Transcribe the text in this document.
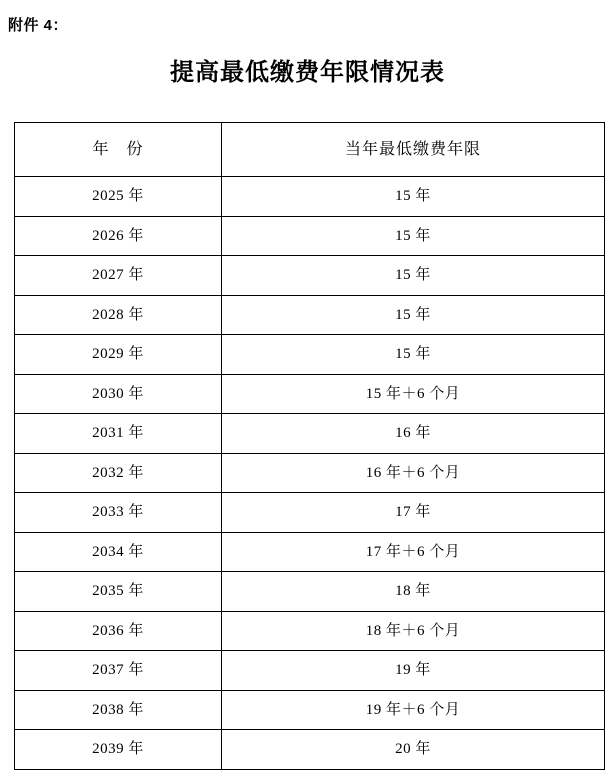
附件 4：
提高最低缴费年限情况表
年　份	当年最低缴费年限
2025 年	15 年
2026 年	15 年
2027 年	15 年
2028 年	15 年
2029 年	15 年
2030 年	15 年＋6 个月
2031 年	16 年
2032 年	16 年＋6 个月
2033 年	17 年
2034 年	17 年＋6 个月
2035 年	18 年
2036 年	18 年＋6 个月
2037 年	19 年
2038 年	19 年＋6 个月
2039 年	20 年
